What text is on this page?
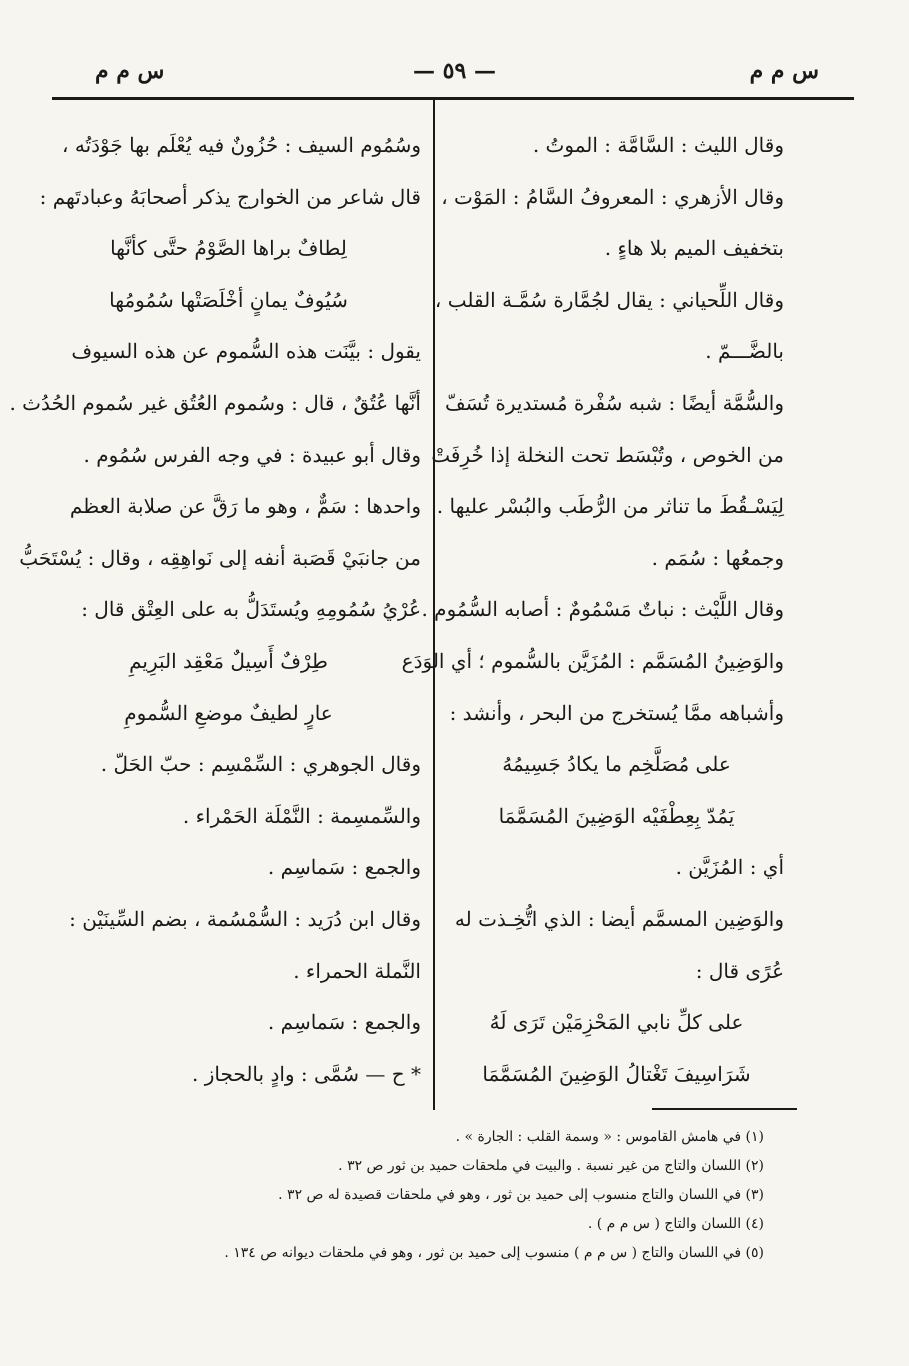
س م م
— ٥٩ —
س م م
وقال الليث : السَّامَّة : الموتُ .
وقال الأزهري : المعروفُ السَّامُ : المَوْت ،
بتخفيف الميم بلا هاءٍ .
وقال اللِّحياني : يقال لجُمَّارة سُمَّـة القلب ،
بالضَّـــمّ .
والسُّمَّة أيضًا : شبه سُفْرة مُستديرة تُسَفّ
من الخوص ، وتُبْسَط تحت النخلة إذا خُرِفَتْ
لِيَسْـقُطَ ما تناثر من الرُّطَب والبُسْر عليها .
وجمعُها : سُمَم .
وقال اللَّيْث : نباتٌ مَسْمُومٌ : أصابه السُّمُوم .
والوَضِينُ المُسَمَّم : المُزَيَّن بالسُّموم ؛ أي الوَدَع
وأشباهه ممَّا يُستخرج من البحر ، وأنشد :
على مُصَلَّخِم ما يكادُ جَسِيمُهُ
يَمُدّ بِعِطْفَيْه الوَضِينَ المُسَمَّمَا
أي : المُزَيَّن .
والوَضِين المسمَّم أيضا : الذي اتُّخِـذت له
عُرًى قال :
على كلِّ نابي المَحْزِمَيْن تَرَى لَهُ
شَرَاسِيفَ تَغْتالُ الوَضِينَ المُسَمَّمَا
وسُمُوم السيف : حُزُونٌ فيه يُعْلَم بها جَوْدَتُه ،
قال شاعر من الخوارج يذكر أصحابَهُ وعبادتَهم :
لِطافٌ براها الصَّوْمُ حتَّى كأنَّها
سُيُوفٌ يمانٍ أخْلَصَتْها سُمُومُها
يقول : بيَّنَت هذه السُّموم عن هذه السيوف
أنَّها عُتُقٌ ، قال : وسُموم العُتُق غير سُموم الحُدُث .
وقال أبو عبيدة : في وجه الفرس سُمُوم .
واحدها : سَمٌّ ، وهو ما رَقَّ عن صلابة العظم
من جانبَيْ قَصَبة أنفه إلى نَواهِقِه ، وقال : يُسْتَحَبُّ
عُرْيُ سُمُومِهِ ويُستَدَلُّ به على العِتْق قال :
طِرْفٌ أَسِيلٌ مَعْقِد البَرِيمِ
عارٍ لطيفٌ موضعِ السُّمومِ
وقال الجوهري : السِّمْسِم : حبّ الحَلّ .
والسِّمسِمة : النَّمْلَة الحَمْراء .
والجمع : سَماسِم .
وقال ابن دُرَيد : السُّمْسُمة ، بضم السِّينَيْن :
النَّملة الحمراء .
والجمع : سَماسِم .
* ح — سُمَّى : وادٍ بالحجاز .
(١) في هامش القاموس : « وسمة القلب : الجارة » .
(٢) اللسان والتاج من غير نسبة . والبيت في ملحقات حميد بن ثور ص ٣٢ .
(٣) في اللسان والتاج منسوب إلى حميد بن ثور ، وهو في ملحقات قصيدة له ص ٣٢ .
(٤) اللسان والتاج ( س م م ) .
(٥) في اللسان والتاج ( س م م ) منسوب إلى حميد بن ثور ، وهو في ملحقات ديوانه ص ١٣٤ .
